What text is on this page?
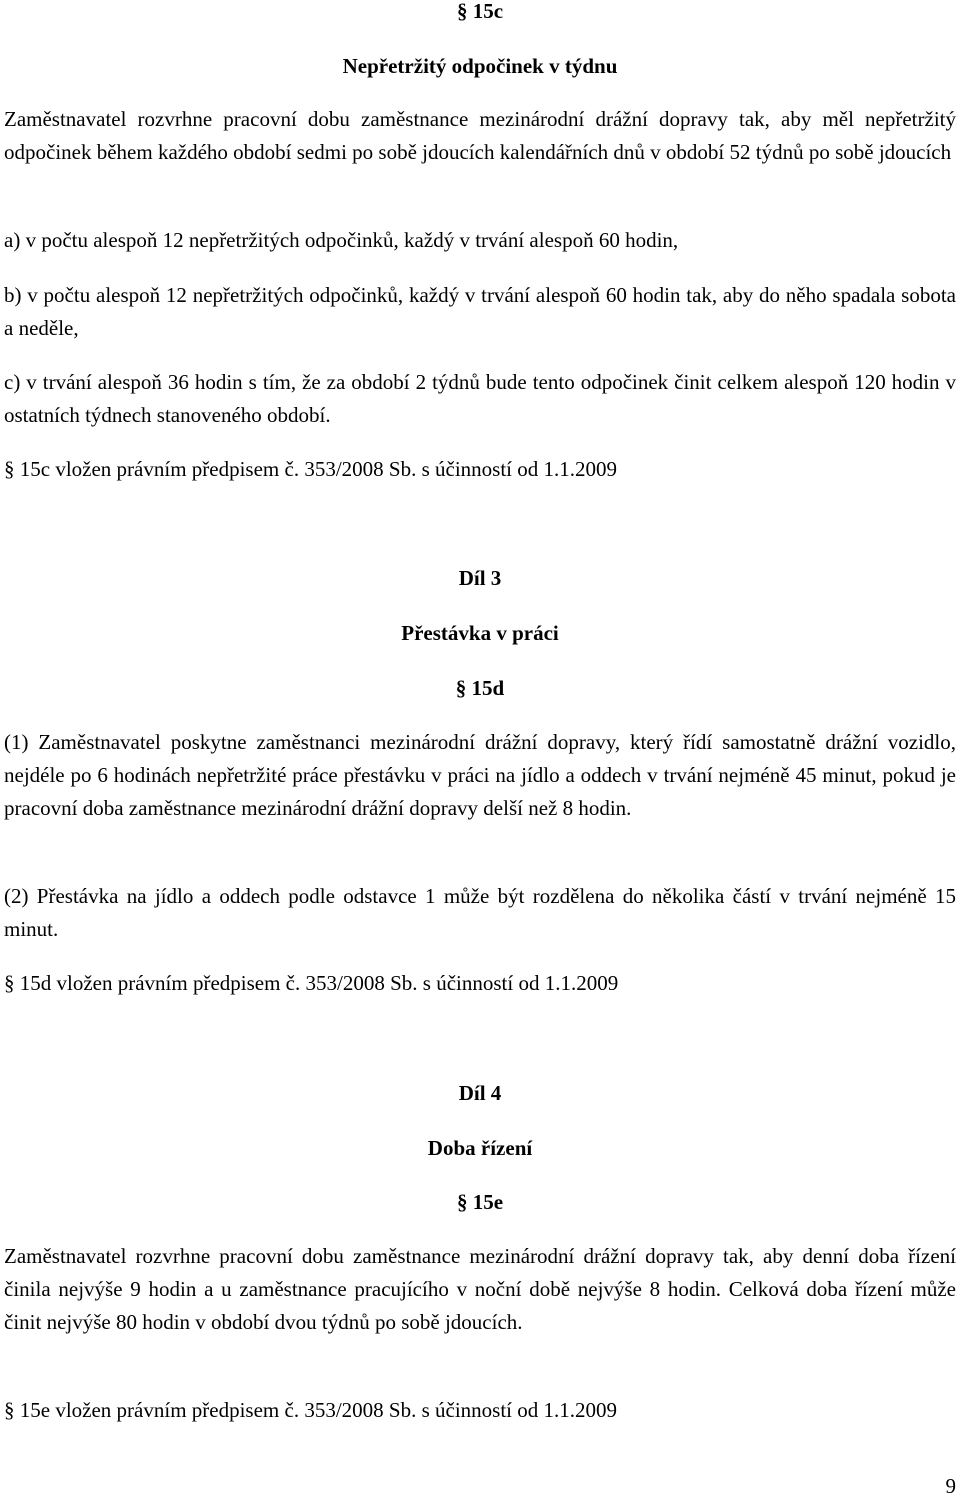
§ 15c

Nepřetržitý odpočinek v týdnu

Zaměstnavatel rozvrhne pracovní dobu zaměstnance mezinárodní drážní dopravy tak, aby měl nepřetržitý odpočinek během každého období sedmi po sobě jdoucích kalendářních dnů v období 52 týdnů po sobě jdoucích

a) v počtu alespoň 12 nepřetržitých odpočinků, každý v trvání alespoň 60 hodin,

b) v počtu alespoň 12 nepřetržitých odpočinků, každý v trvání alespoň 60 hodin tak, aby do něho spadala sobota a neděle,

c) v trvání alespoň 36 hodin s tím, že za období 2 týdnů bude tento odpočinek činit celkem alespoň 120 hodin v ostatních týdnech stanoveného období.

§ 15c vložen právním předpisem č. 353/2008 Sb. s účinností od 1.1.2009

Díl 3

Přestávka v práci

§ 15d

(1) Zaměstnavatel poskytne zaměstnanci mezinárodní drážní dopravy, který řídí samostatně drážní vozidlo, nejdéle po 6 hodinách nepřetržité práce přestávku v práci na jídlo a oddech v trvání nejméně 45 minut, pokud je pracovní doba zaměstnance mezinárodní drážní dopravy delší než 8 hodin.

(2) Přestávka na jídlo a oddech podle odstavce 1 může být rozdělena do několika částí v trvání nejméně 15 minut.

§ 15d vložen právním předpisem č. 353/2008 Sb. s účinností od 1.1.2009

Díl 4

Doba řízení

§ 15e

Zaměstnavatel rozvrhne pracovní dobu zaměstnance mezinárodní drážní dopravy tak, aby denní doba řízení činila nejvýše 9 hodin a u zaměstnance pracujícího v noční době nejvýše 8 hodin. Celková doba řízení může činit nejvýše 80 hodin v období dvou týdnů po sobě jdoucích.

§ 15e vložen právním předpisem č. 353/2008 Sb. s účinností od 1.1.2009

9
